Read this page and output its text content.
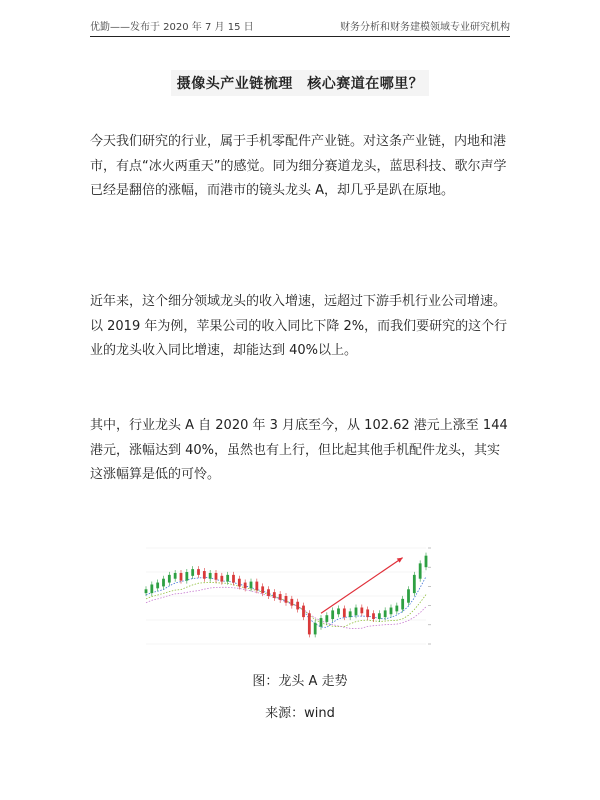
优勤——发布于 2020 年 7 月 15 日	财务分析和财务建模领域专业研究机构
摄像头产业链梳理　核心赛道在哪里？

今天我们研究的行业，属于手机零配件产业链。对这条产业链，内地和港市，有点“冰火两重天”的感觉。同为细分赛道龙头，蓝思科技、歌尔声学已经是翻倍的涨幅，而港市的镜头龙头 A，却几乎是趴在原地。

近年来，这个细分领域龙头的收入增速，远超过下游手机行业公司增速。以 2019 年为例，苹果公司的收入同比下降 2%，而我们要研究的这个行业的龙头收入同比增速，却能达到 40%以上。

其中，行业龙头 A 自 2020 年 3 月底至今，从 102.62 港元上涨至 144 港元，涨幅达到 40%，虽然也有上行，但比起其他手机配件龙头，其实这涨幅算是低的可怜。

图：龙头 A 走势
来源：wind
